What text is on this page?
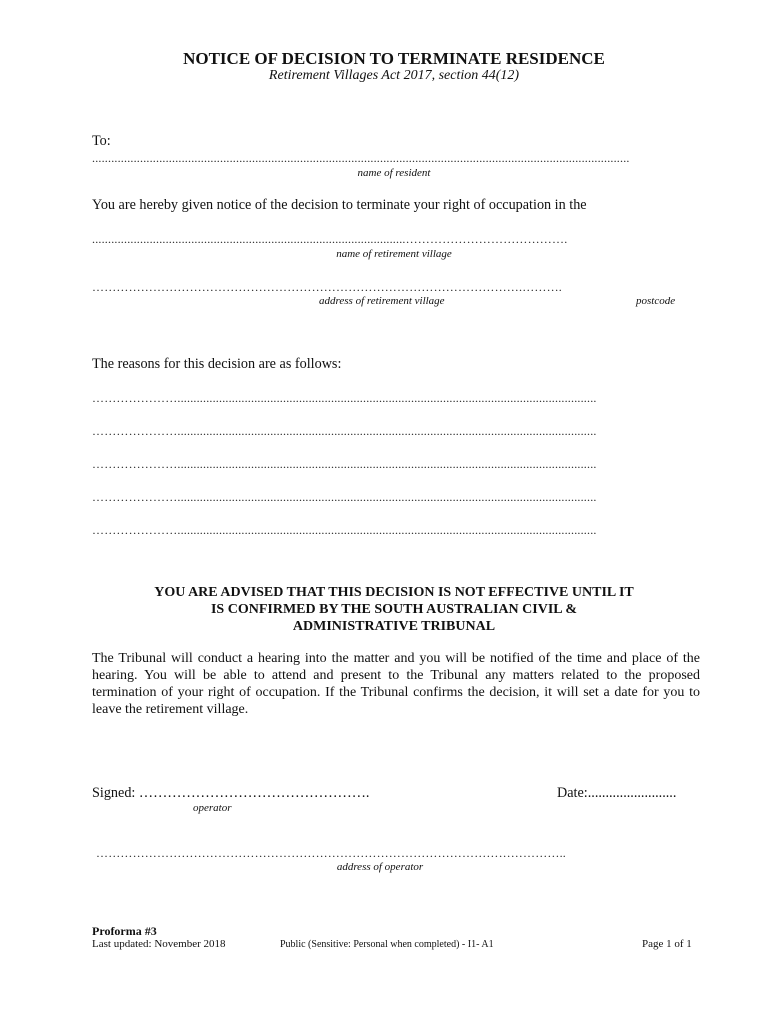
NOTICE OF DECISION TO TERMINATE RESIDENCE
Retirement Villages Act 2017, section 44(12)
To:
........................................................................................................................................................................
name of resident
You are hereby given notice of the decision to terminate your right of occupation in the
..................................................................................................………………………………….
name of retirement village
…………………………………………………………………………………………….……….
address of retirement village	postcode
The reasons for this decision are as follows:
…………………...................................................................................................................................
…………………...................................................................................................................................
…………………...................................................................................................................................
…………………...................................................................................................................................
…………………...................................................................................................................................
YOU ARE ADVISED THAT THIS DECISION IS NOT EFFECTIVE UNTIL IT
IS CONFIRMED BY THE SOUTH AUSTRALIAN CIVIL &
ADMINISTRATIVE TRIBUNAL
The Tribunal will conduct a hearing into the matter and you will be notified of the time and place of the hearing. You will be able to attend and present to the Tribunal any matters related to the proposed termination of your right of occupation. If the Tribunal confirms the decision, it will set a date for you to leave the retirement village.
Signed: ………………………………………….
operator
Date:.........................
……………………………………………………………………………………………………..
address of operator
Proforma #3
Last updated: November 2018	Public (Sensitive: Personal when completed) - I1- A1	Page 1 of 1
